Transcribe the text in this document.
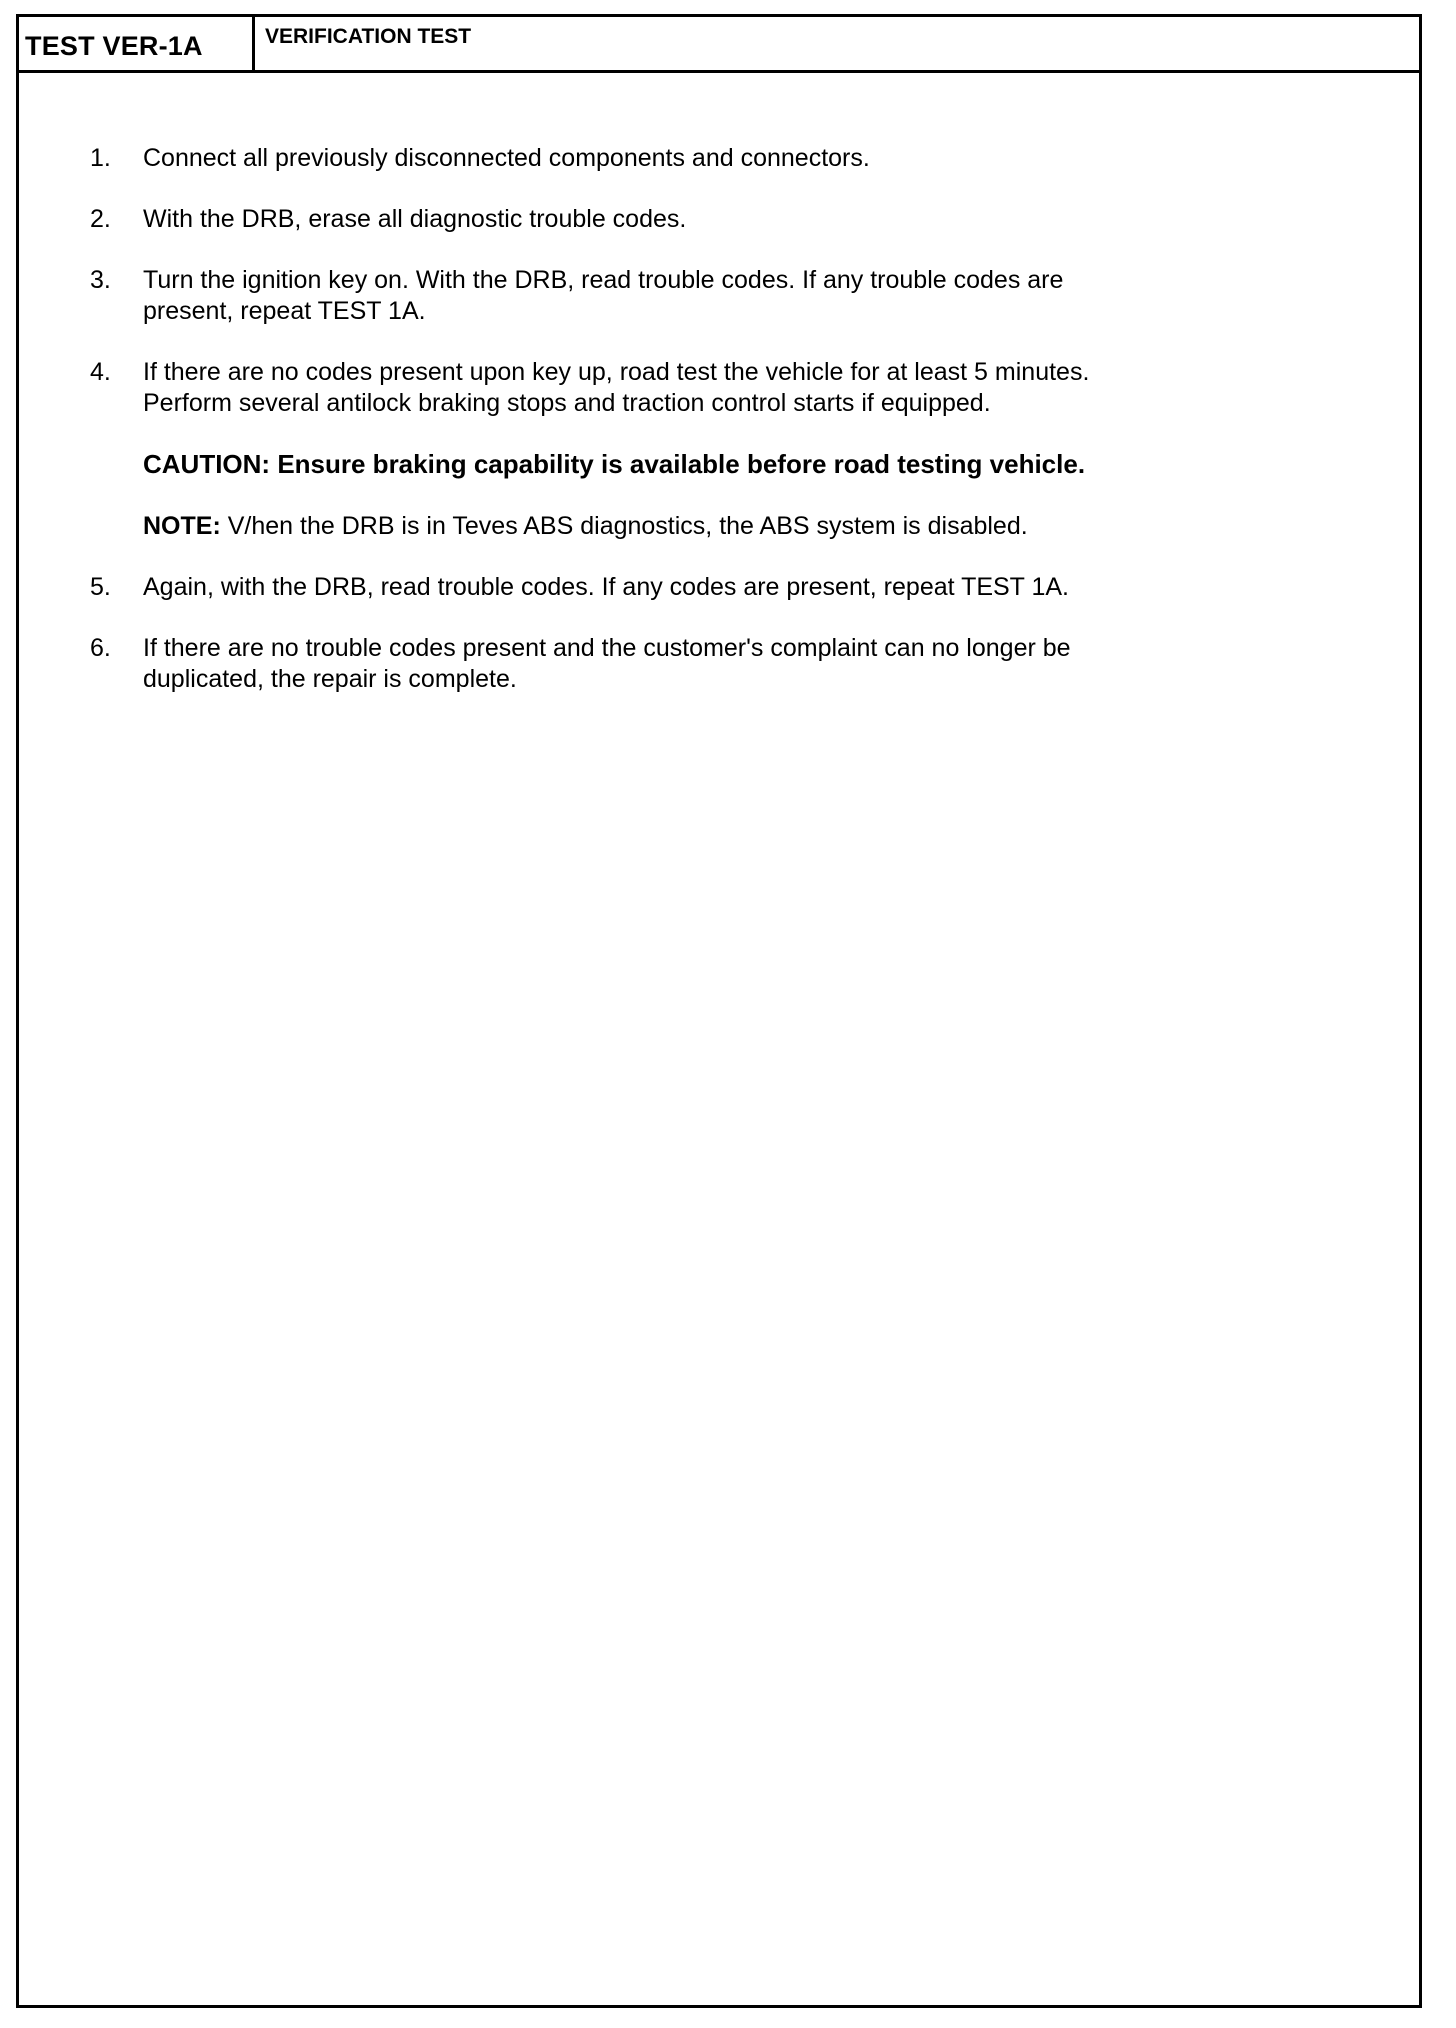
TEST VER-1A	VERIFICATION TEST
1.	Connect all previously disconnected components and connectors.
2.	With the DRB, erase all diagnostic trouble codes.
3.	Turn the ignition key on. With the DRB, read trouble codes. If any trouble codes are
present, repeat TEST 1A.
4.	If there are no codes present upon key up, road test the vehicle for at least 5 minutes.
Perform several antilock braking stops and traction control starts if equipped.
CAUTION: Ensure braking capability is available before road testing vehicle.
NOTE: V/hen the DRB is in Teves ABS diagnostics, the ABS system is disabled.
5.	Again, with the DRB, read trouble codes. If any codes are present, repeat TEST 1A.
6.	If there are no trouble codes present and the customer's complaint can no longer be
duplicated, the repair is complete.
